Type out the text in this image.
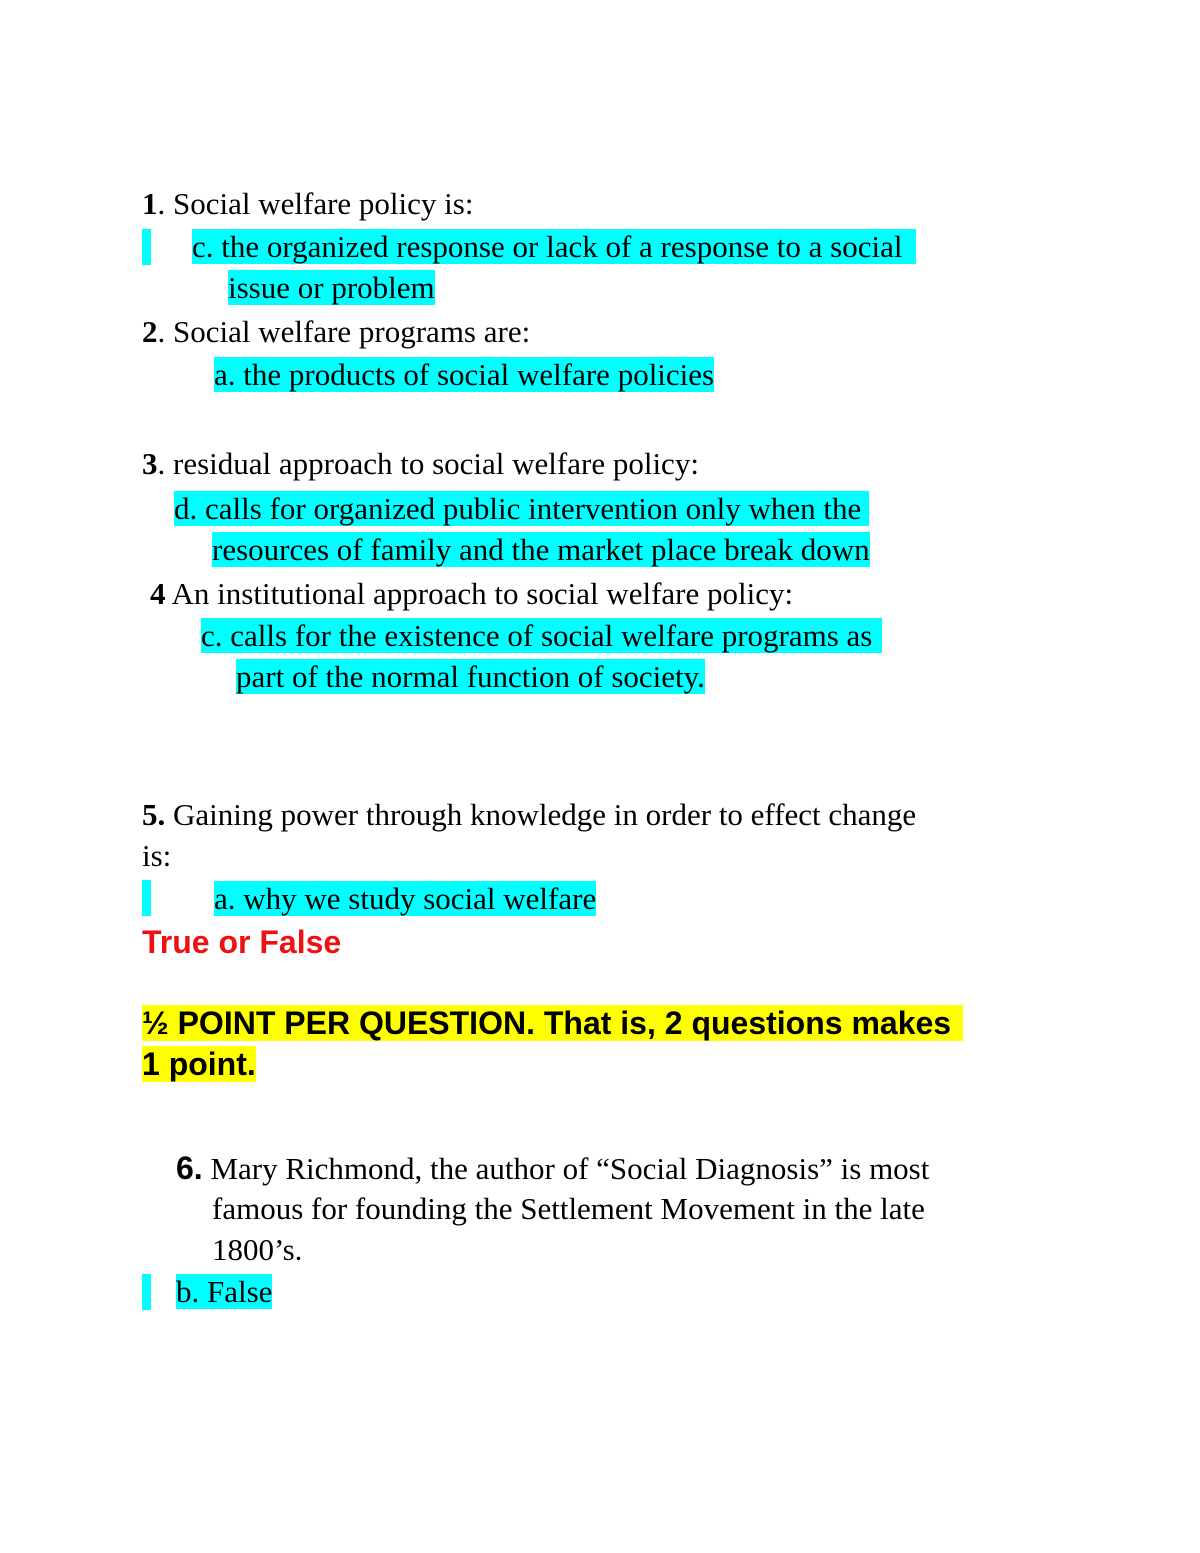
1. Social welfare policy is:
c. the organized response or lack of a response to a social
issue or problem
2. Social welfare programs are:
a. the products of social welfare policies
3. residual approach to social welfare policy:
d. calls for organized public intervention only when the
resources of family and the market place break down
4 An institutional approach to social welfare policy:
c. calls for the existence of social welfare programs as
part of the normal function of society.
5. Gaining power through knowledge in order to effect change
is:
a. why we study social welfare
True or False
½ POINT PER QUESTION. That is, 2 questions makes
1 point.
6. Mary Richmond, the author of “Social Diagnosis” is most
famous for founding the Settlement Movement in the late
1800’s.
b. False
